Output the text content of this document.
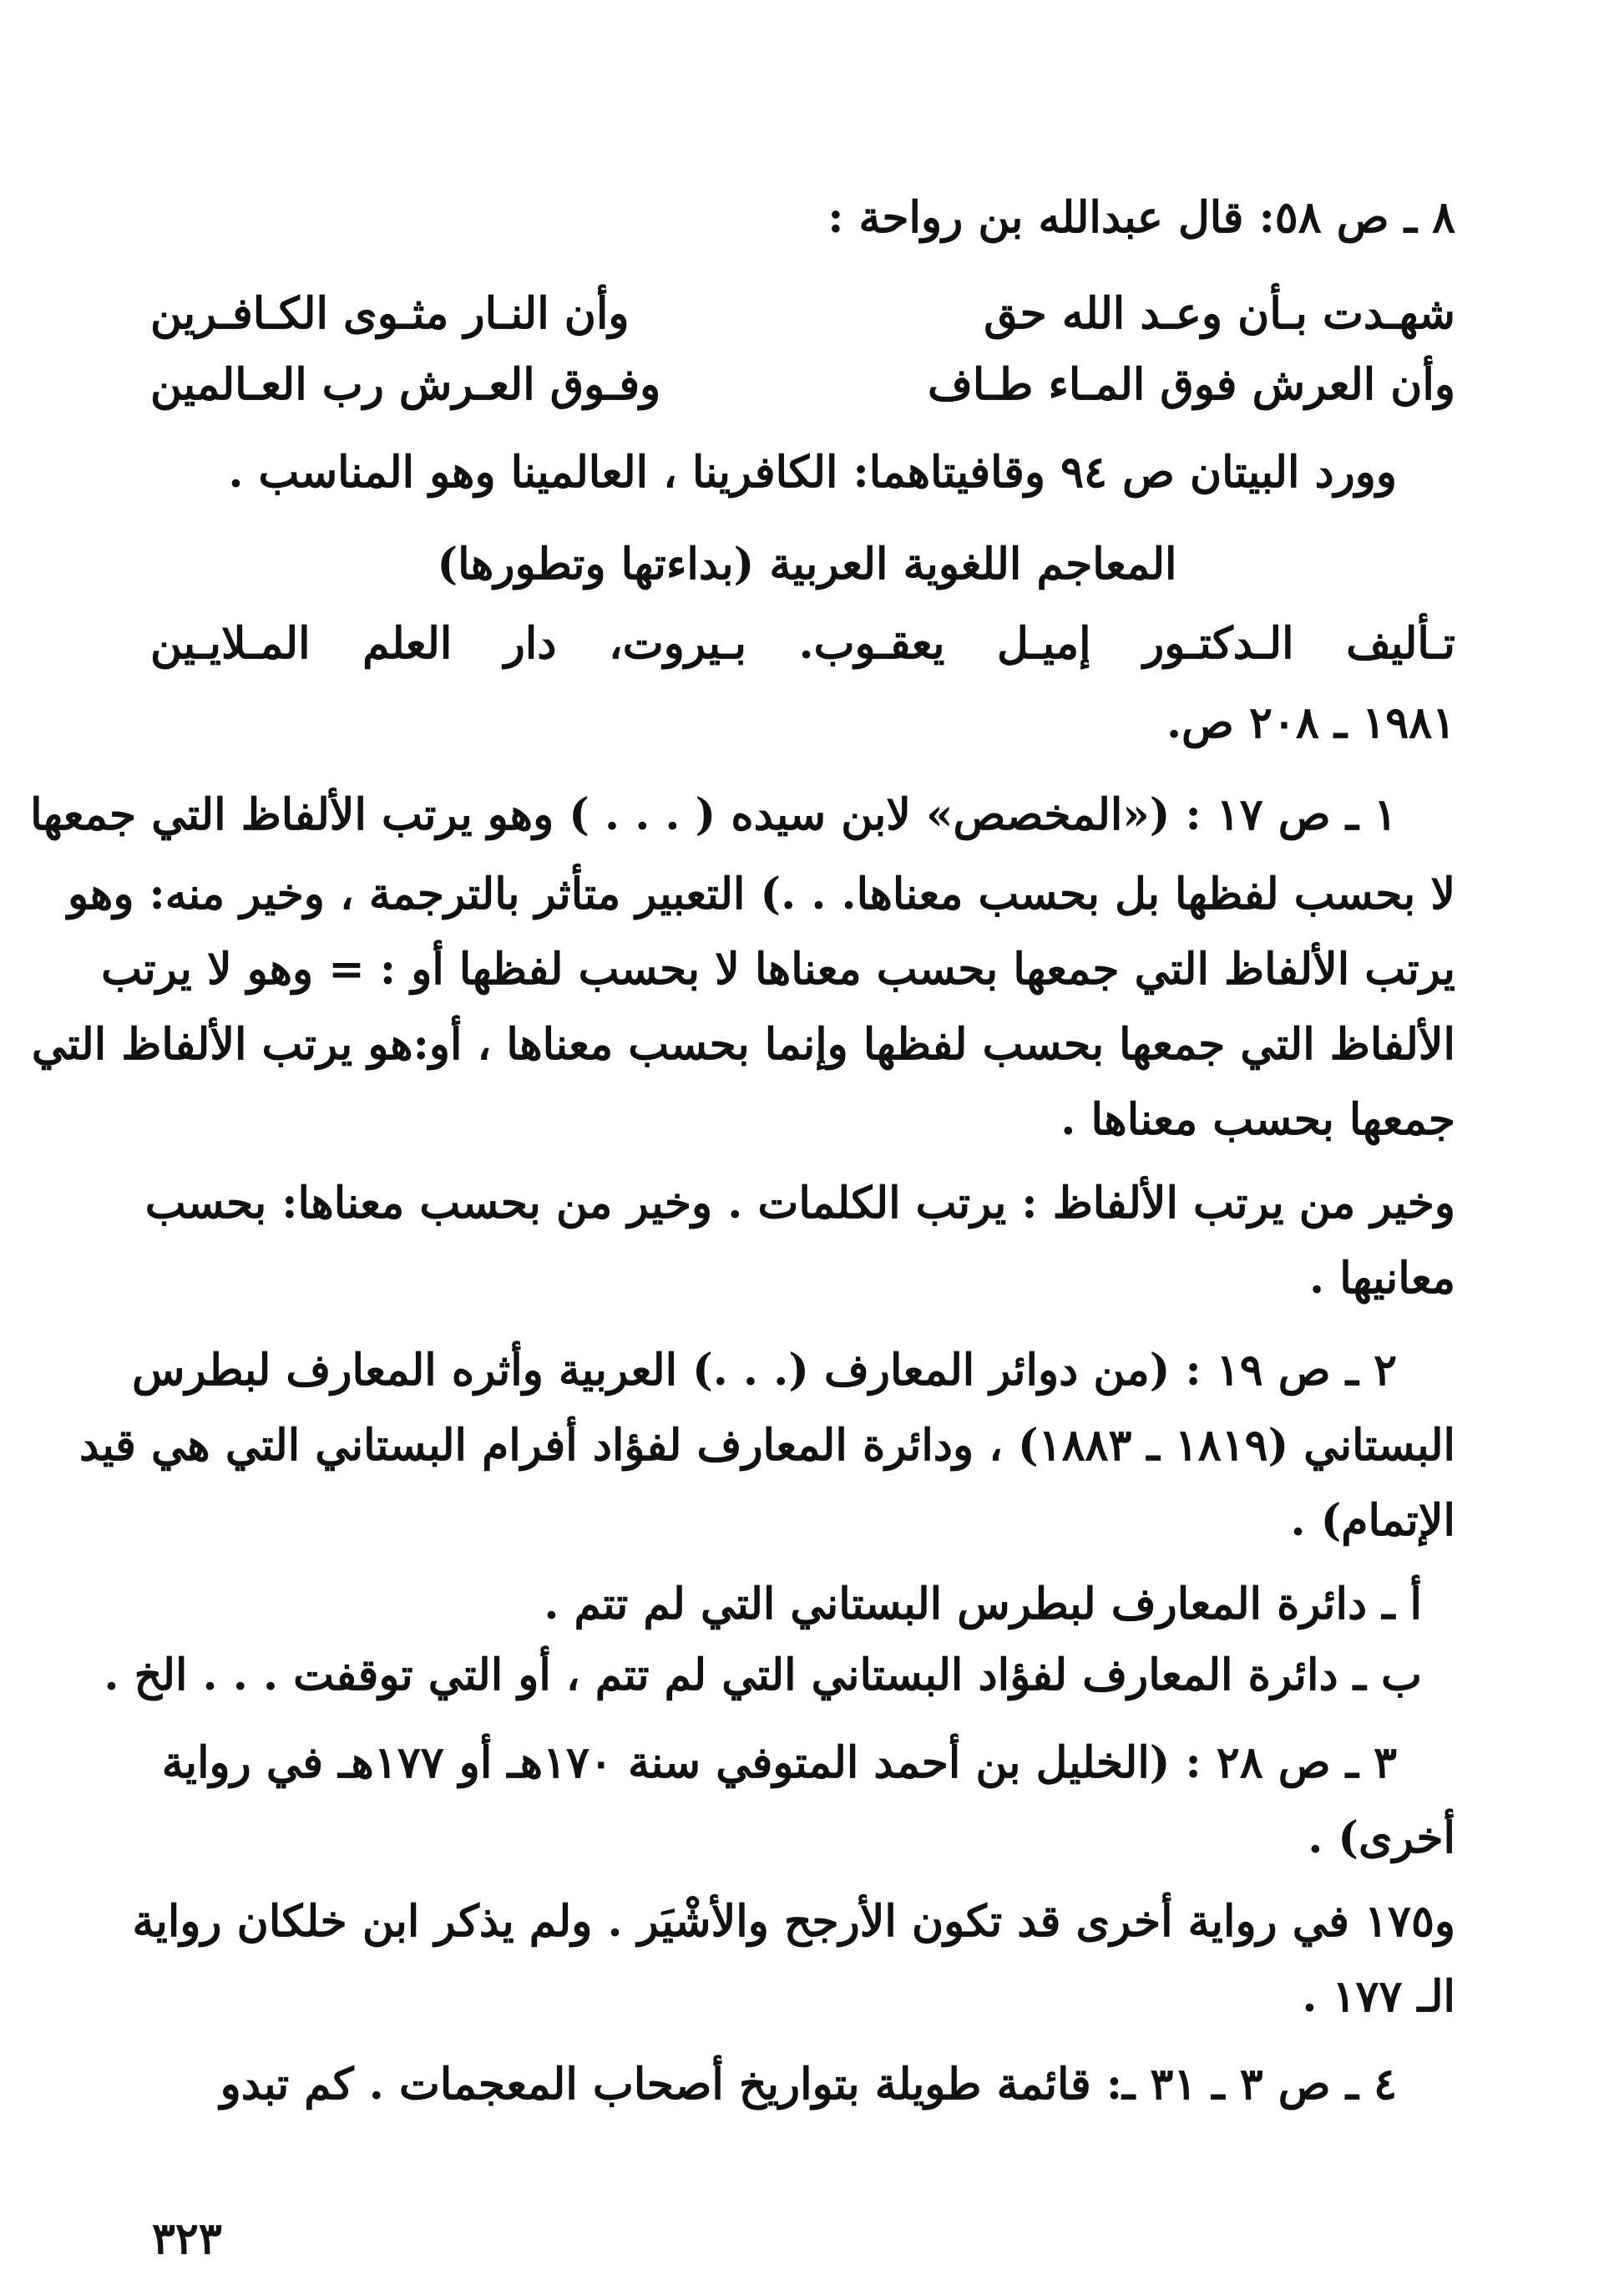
٨ ـ ص ٥٨: قال عبدالله بن رواحة :
شهـدت بـأن وعـد الله حق
وأن النـار مثـوى الكـافـرين
وأن العرش فوق المـاء طـاف
وفـوق العـرش رب العـالمين
وورد البيتان ص ٩٤ وقافيتاهما: الكافرينا ، العالمينا وهو المناسب .
المعاجم اللغوية العربية (بداءتها وتطورها)
تـأليف الـدكتـور إميـل يعقـوب. بـيروت، دار العلم المـلايـين
١٩٨١ ـ ٢٠٨ ص.
١ ـ ص ١٧ : («المخصص» لابن سيده ( . . . ) وهو يرتب الألفاظ التي جمعها
لا بحسب لفظها بل بحسب معناها. . .) التعبير متأثر بالترجمة ، وخير منه: وهو
يرتب الألفاظ التي جمعها بحسب معناها لا بحسب لفظها أو : = وهو لا يرتب
الألفاظ التي جمعها بحسب لفظها وإنما بحسب معناها ، أو:هو يرتب الألفاظ التي
جمعها بحسب معناها .
وخير من يرتب الألفاظ : يرتب الكلمات . وخير من بحسب معناها: بحسب
معانيها .
٢ ـ ص ١٩ : (من دوائر المعارف (. . .) العربية وأثره المعارف لبطرس
البستاني (١٨١٩ ـ ١٨٨٣) ، ودائرة المعارف لفؤاد أفرام البستاني التي هي قيد
الإتمام) .
أ ـ دائرة المعارف لبطرس البستاني التي لم تتم .
ب ـ دائرة المعارف لفؤاد البستاني التي لم تتم ، أو التي توقفت . . . الخ .
٣ ـ ص ٢٨ : (الخليل بن أحمد المتوفي سنة ١٧٠هـ أو ١٧٧هـ في رواية
أخرى) .
و١٧٥ في رواية أخرى قد تكون الأرجح والأشْيَر . ولم يذكر ابن خلكان رواية
الـ ١٧٧ .
٤ ـ ص ٣ ـ ٣١ ـ: قائمة طويلة بتواريخ أصحاب المعجمات . كم تبدو
٣٢٣
